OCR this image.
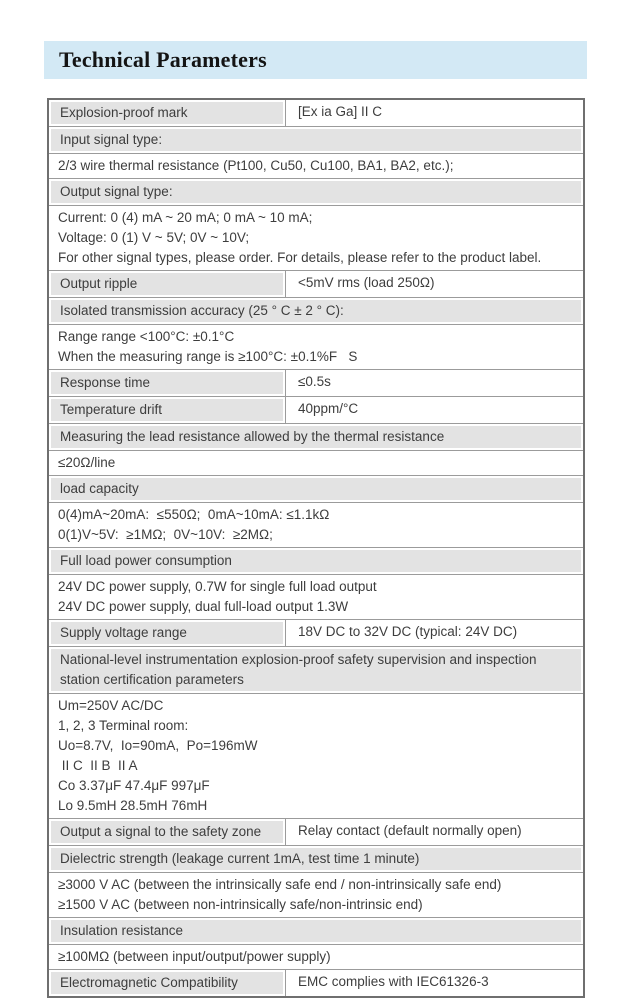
Technical Parameters
Explosion-proof mark	[Ex ia Ga] II C
Input signal type:
2/3 wire thermal resistance (Pt100, Cu50, Cu100, BA1, BA2, etc.);
Output signal type:
Current: 0 (4) mA ~ 20 mA; 0 mA ~ 10 mA;
Voltage: 0 (1) V ~ 5V; 0V ~ 10V;
For other signal types, please order. For details, please refer to the product label.
Output ripple	<5mV rms (load 250Ω)
Isolated transmission accuracy (25 ° C ± 2 ° C):
Range range <100°C: ±0.1°C
When the measuring range is ≥100°C: ±0.1%F   S
Response time	≤0.5s
Temperature drift	40ppm/°C
Measuring the lead resistance allowed by the thermal resistance
≤20Ω/line
load capacity
0(4)mA~20mA:  ≤550Ω;  0mA~10mA: ≤1.1kΩ
0(1)V~5V:  ≥1MΩ;  0V~10V:  ≥2MΩ;
Full load power consumption
24V DC power supply, 0.7W for single full load output
24V DC power supply, dual full-load output 1.3W
Supply voltage range	18V DC to 32V DC (typical: 24V DC)
National-level instrumentation explosion-proof safety supervision and inspection station certification parameters
Um=250V AC/DC
1, 2, 3 Terminal room:
Uo=8.7V,  Io=90mA,  Po=196mW
II C  II B  II A
Co 3.37μF 47.4μF 997μF
Lo 9.5mH 28.5mH 76mH
Output a signal to the safety zone	Relay contact (default normally open)
Dielectric strength (leakage current 1mA, test time 1 minute)
≥3000 V AC (between the intrinsically safe end / non-intrinsically safe end)
≥1500 V AC (between non-intrinsically safe/non-intrinsic end)
Insulation resistance
≥100MΩ (between input/output/power supply)
Electromagnetic Compatibility	EMC complies with IEC61326-3
